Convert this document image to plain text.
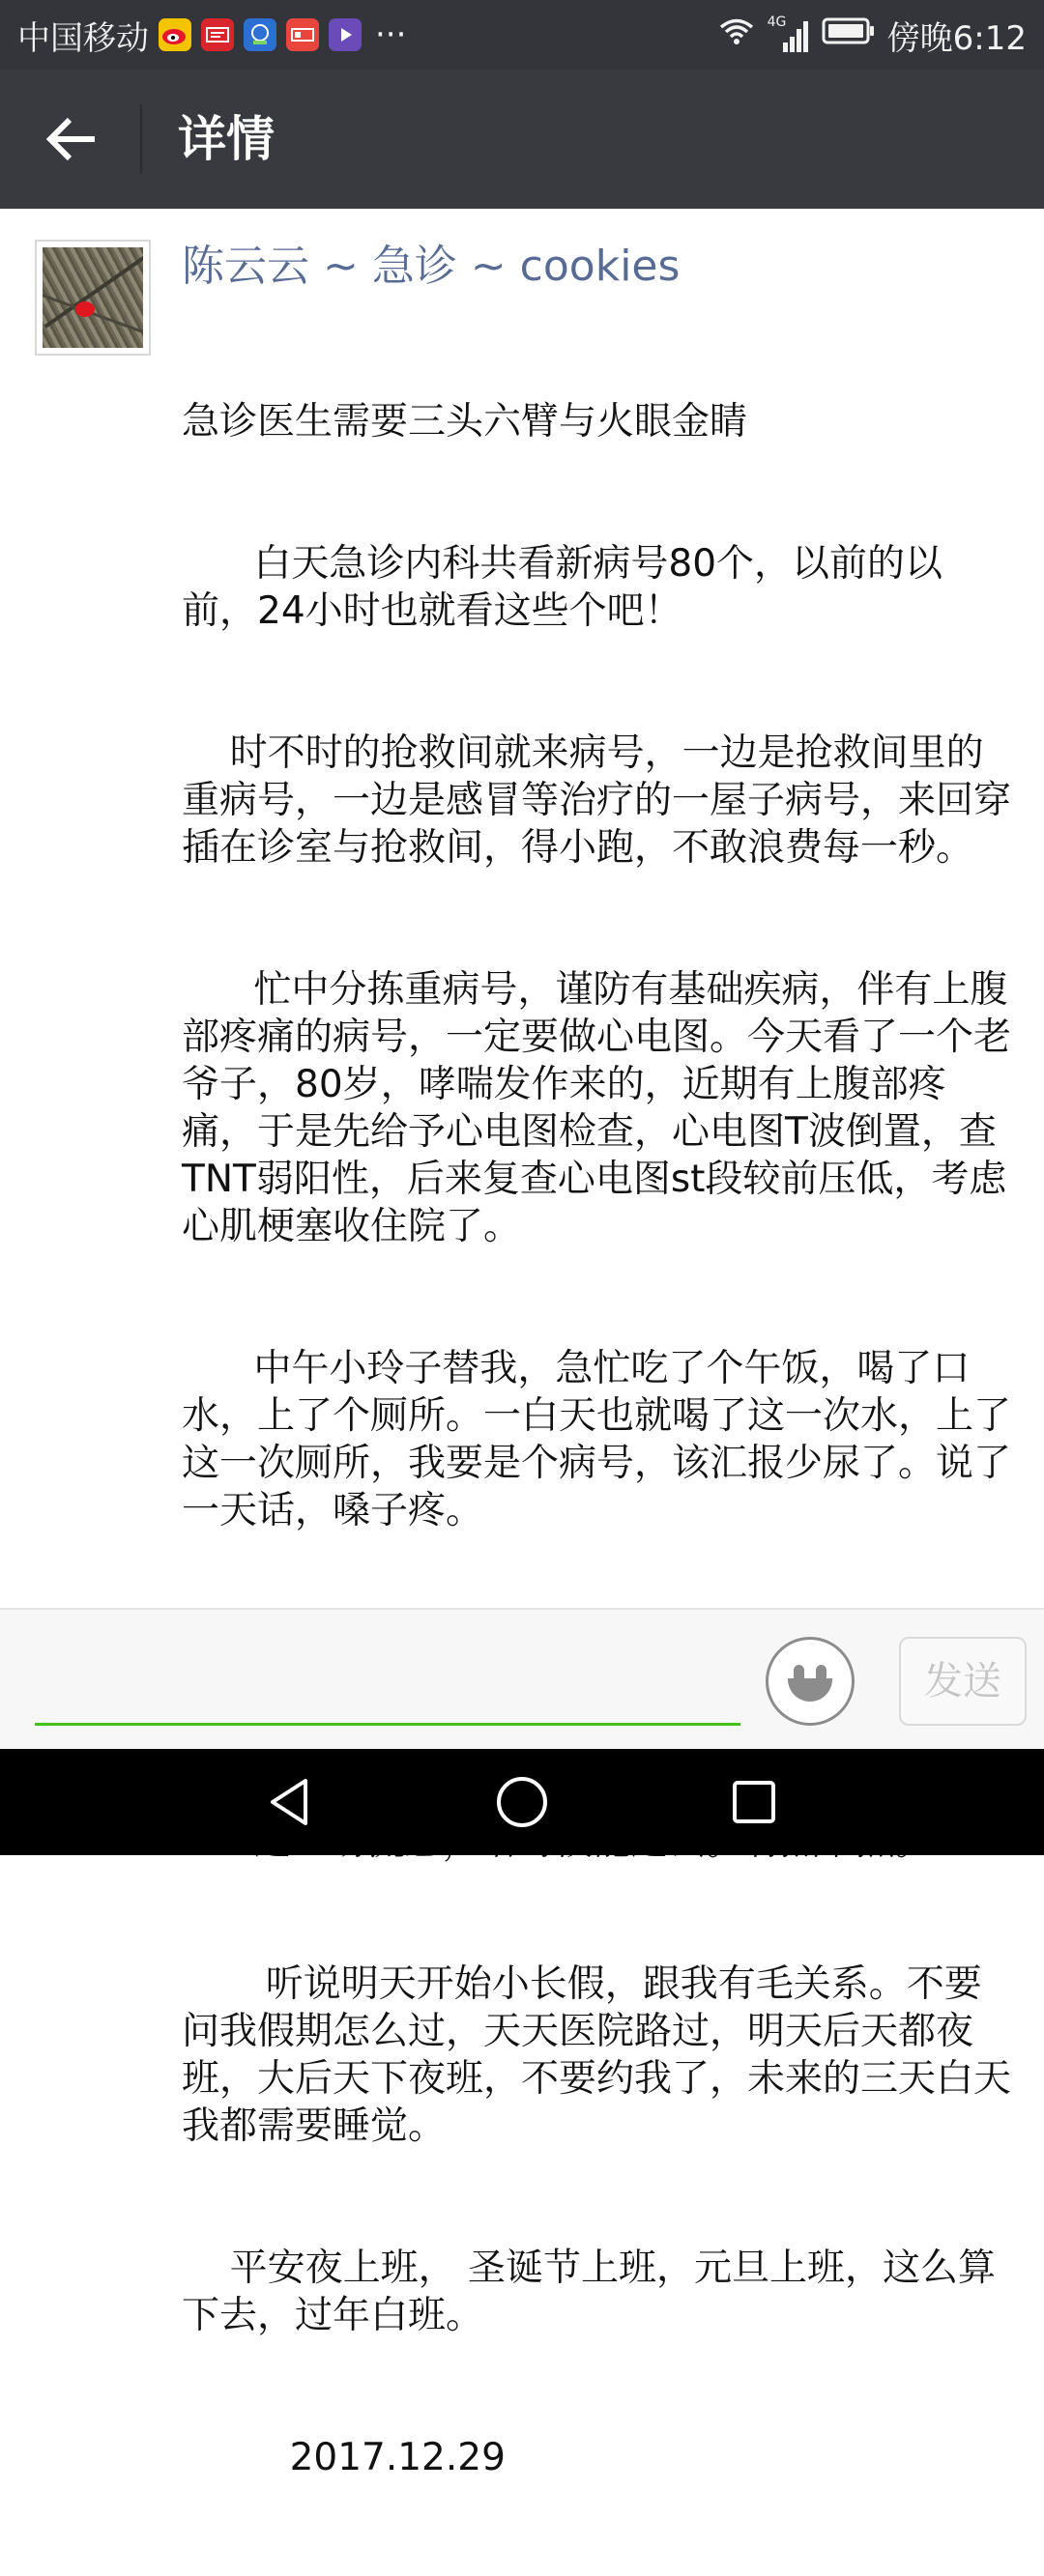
中国移动	···	4G	傍晚6:12
详情
陈云云 ~ 急诊 ~ cookies

急诊医生需要三头六臂与火眼金睛

白天急诊内科共看新病号80个，以前的以前，24小时也就看这些个吧！

时不时的抢救间就来病号，一边是抢救间里的重病号，一边是感冒等治疗的一屋子病号，来回穿插在诊室与抢救间，得小跑，不敢浪费每一秒。

忙中分拣重病号，谨防有基础疾病，伴有上腹部疼痛的病号，一定要做心电图。今天看了一个老爷子，80岁，哮喘发作来的，近期有上腹部疼痛，于是先给予心电图检查，心电图T波倒置，查TNT弱阳性，后来复查心电图st段较前压低，考虑心肌梗塞收住院了。

中午小玲子替我，急忙吃了个午饭，喝了口水，上了个厕所。一白天也就喝了这一次水，上了这一次厕所，我要是个病号，该汇报少尿了。说了一天话，嗓子疼。

听说明天开始小长假，跟我有毛关系。不要问我假期怎么过，天天医院路过，明天后天都夜班，大后天下夜班，不要约我了，未来的三天白天我都需要睡觉。

平安夜上班， 圣诞节上班，元旦上班，这么算下去，过年白班。

2017.12.29

发送
